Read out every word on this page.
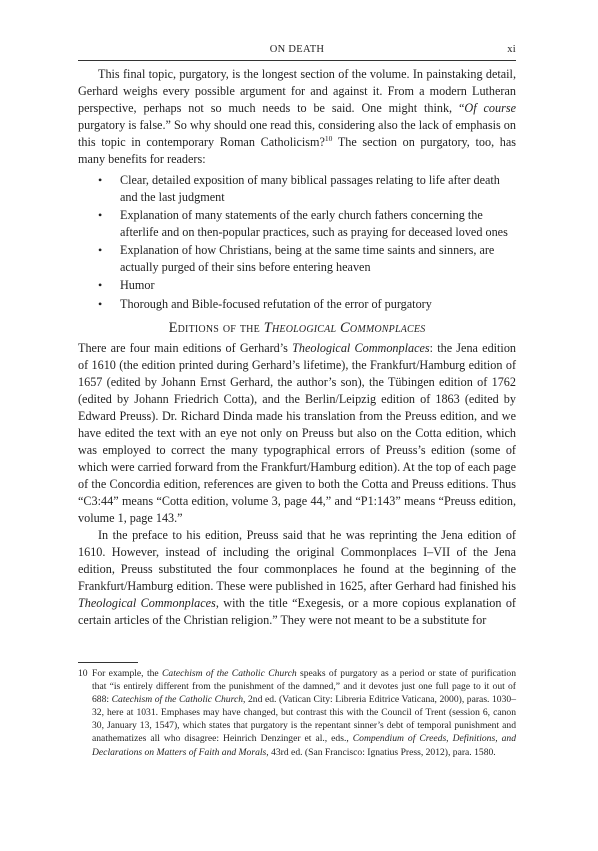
ON DEATH	xi

This final topic, purgatory, is the longest section of the volume. In painstaking detail, Gerhard weighs every possible argument for and against it. From a modern Lutheran perspective, perhaps not so much needs to be said. One might think, “Of course purgatory is false.” So why should one read this, considering also the lack of emphasis on this topic in contemporary Roman Catholicism?$^{10}$ The section on purgatory, too, has many benefits for readers:

• Clear, detailed exposition of many biblical passages relating to life after death and the last judgment
• Explanation of many statements of the early church fathers concerning the afterlife and on then-popular practices, such as praying for deceased loved ones
• Explanation of how Christians, being at the same time saints and sinners, are actually purged of their sins before entering heaven
• Humor
• Thorough and Bible-focused refutation of the error of purgatory
Editions of the Theological Commonplaces

There are four main editions of Gerhard’s Theological Commonplaces: the Jena edition of 1610 (the edition printed during Gerhard’s lifetime), the Frankfurt/Hamburg edition of 1657 (edited by Johann Ernst Gerhard, the author’s son), the Tübingen edition of 1762 (edited by Johann Friedrich Cotta), and the Berlin/Leipzig edition of 1863 (edited by Edward Preuss). Dr. Richard Dinda made his translation from the Preuss edition, and we have edited the text with an eye not only on Preuss but also on the Cotta edition, which was employed to correct the many typographical errors of Preuss’s edition (some of which were carried forward from the Frankfurt/Hamburg edition). At the top of each page of the Concordia edition, references are given to both the Cotta and Preuss editions. Thus “C3:44” means “Cotta edition, volume 3, page 44,” and “P1:143” means “Preuss edition, volume 1, page 143.”

In the preface to his edition, Preuss said that he was reprinting the Jena edition of 1610. However, instead of including the original Commonplaces I–VII of the Jena edition, Preuss substituted the four commonplaces he found at the beginning of the Frankfurt/Hamburg edition. These were published in 1625, after Gerhard had finished his Theological Commonplaces, with the title “Exegesis, or a more copious explanation of certain articles of the Christian religion.” They were not meant to be a substitute for

10 For example, the Catechism of the Catholic Church speaks of purgatory as a period or state of purification that “is entirely different from the punishment of the damned,” and it devotes just one full page to it out of 688: Catechism of the Catholic Church, 2nd ed. (Vatican City: Libreria Editrice Vaticana, 2000), paras. 1030–32, here at 1031. Emphases may have changed, but contrast this with the Council of Trent (session 6, canon 30, January 13, 1547), which states that purgatory is the repentant sinner’s debt of temporal punishment and anathematizes all who disagree: Heinrich Denzinger et al., eds., Compendium of Creeds, Definitions, and Declarations on Matters of Faith and Morals, 43rd ed. (San Francisco: Ignatius Press, 2012), para. 1580.
